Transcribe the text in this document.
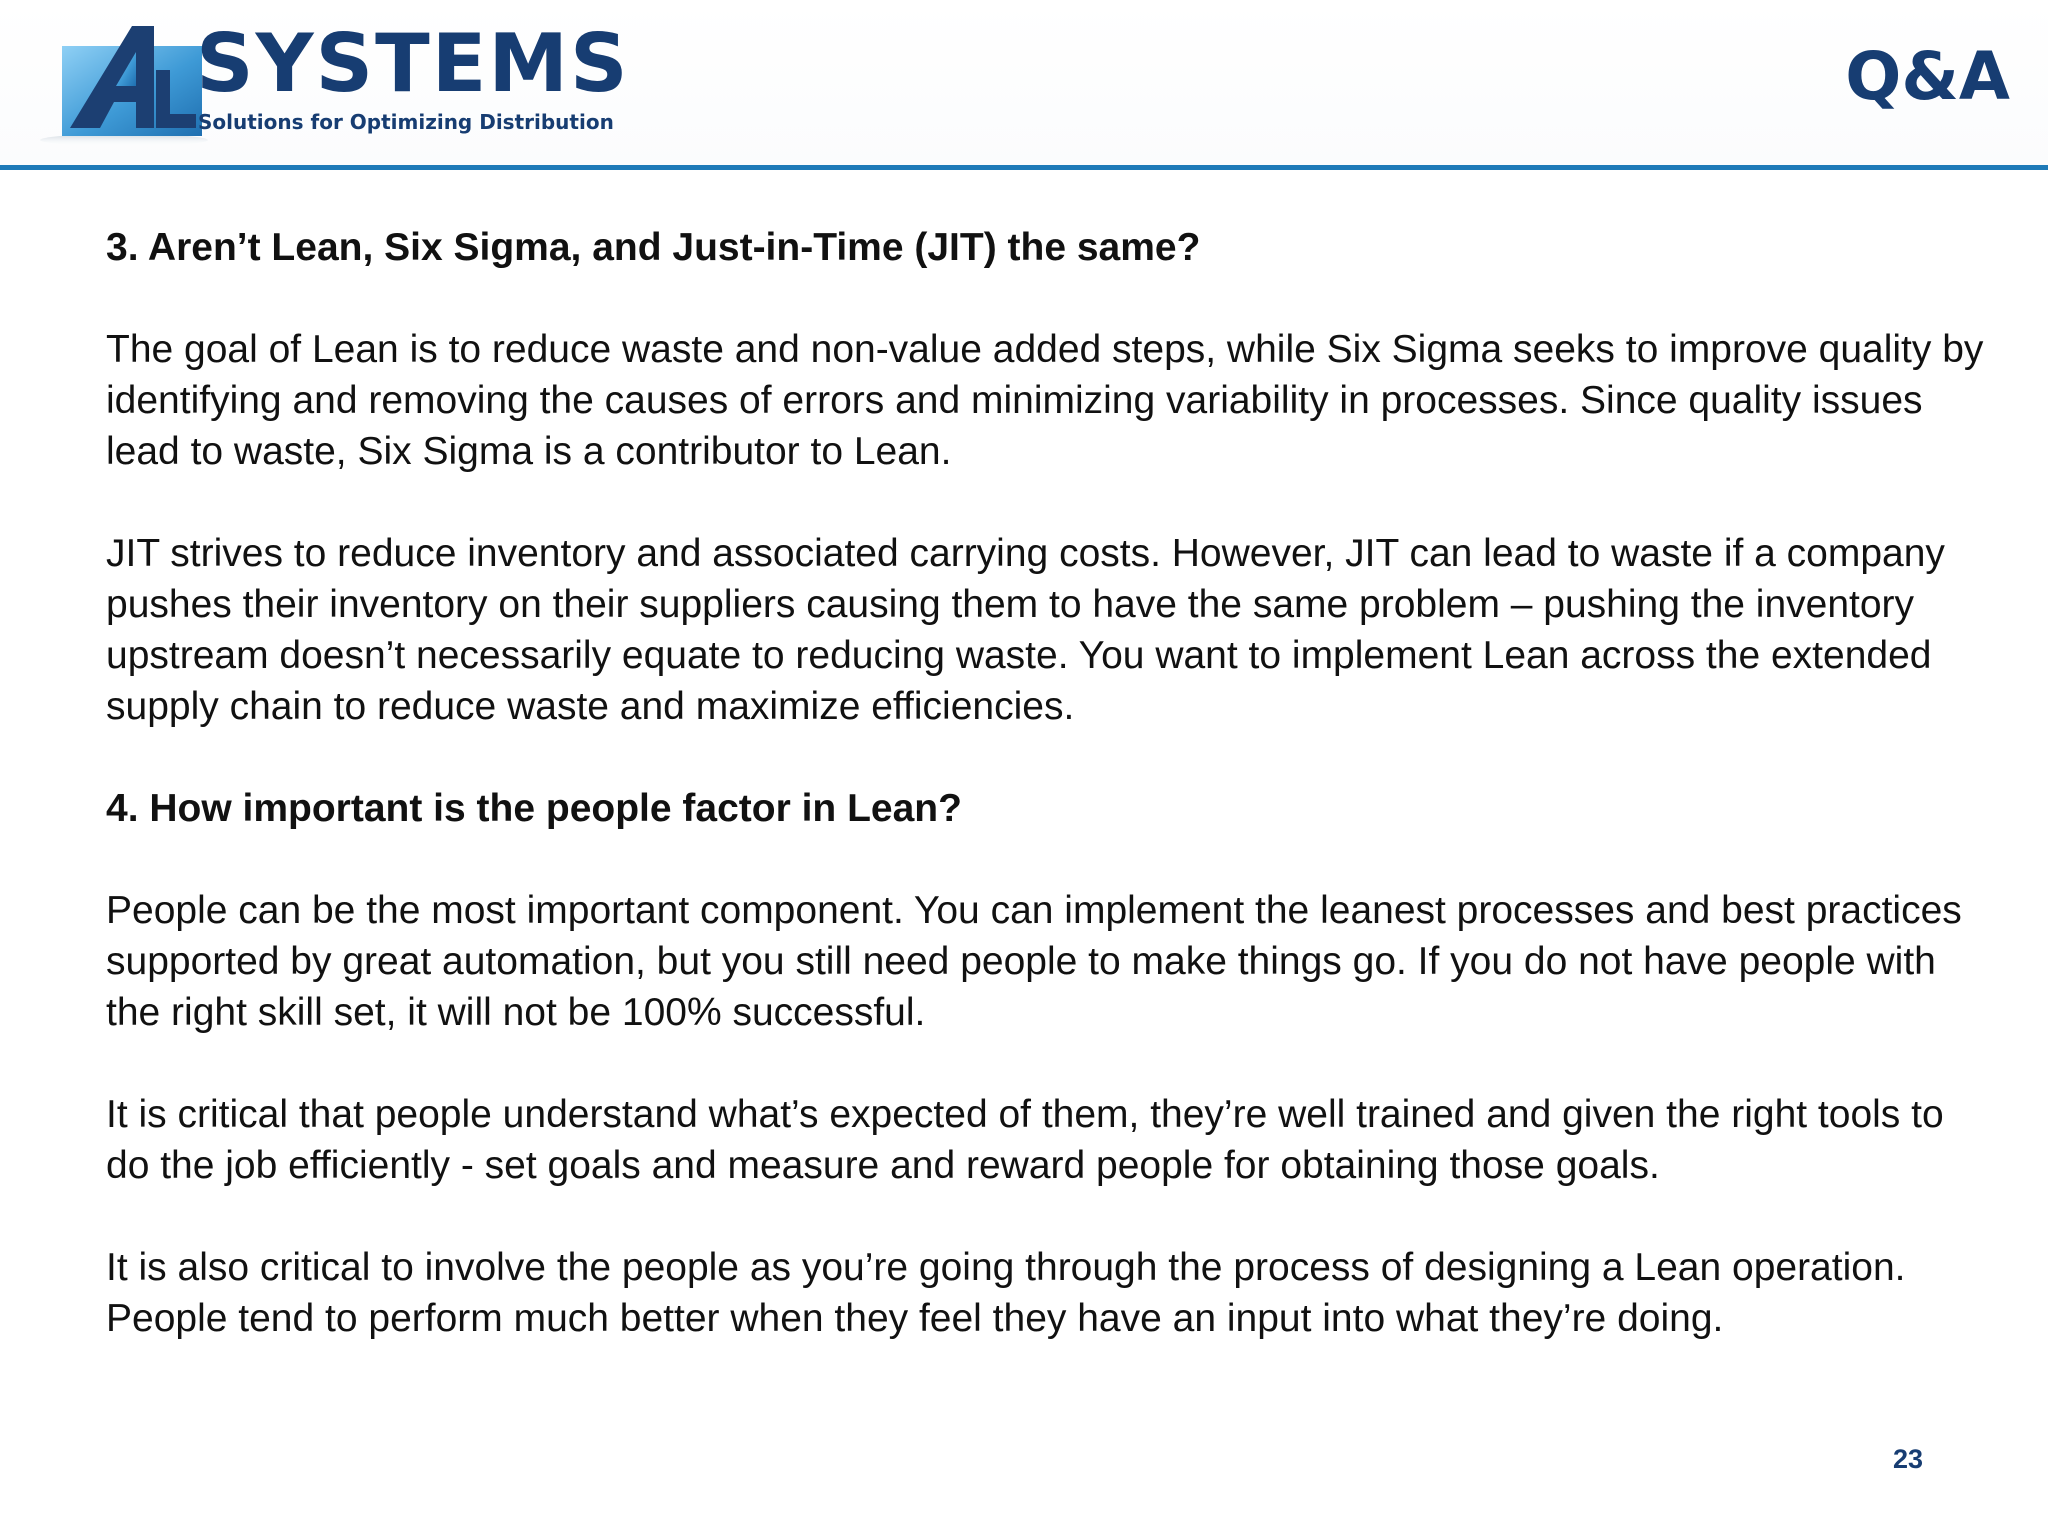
SYSTEMS
Solutions for Optimizing Distribution
Q&A

3. Aren’t Lean, Six Sigma, and Just-in-Time (JIT) the same?

The goal of Lean is to reduce waste and non-value added steps, while Six Sigma seeks to improve quality by identifying and removing the causes of errors and minimizing variability in processes. Since quality issues lead to waste, Six Sigma is a contributor to Lean.

JIT strives to reduce inventory and associated carrying costs. However, JIT can lead to waste if a company pushes their inventory on their suppliers causing them to have the same problem – pushing the inventory upstream doesn’t necessarily equate to reducing waste. You want to implement Lean across the extended supply chain to reduce waste and maximize efficiencies.

4. How important is the people factor in Lean?

People can be the most important component. You can implement the leanest processes and best practices supported by great automation, but you still need people to make things go. If you do not have people with the right skill set, it will not be 100% successful.

It is critical that people understand what’s expected of them, they’re well trained and given the right tools to do the job efficiently - set goals and measure and reward people for obtaining those goals.

It is also critical to involve the people as you’re going through the process of designing a Lean operation. People tend to perform much better when they feel they have an input into what they’re doing.

23
